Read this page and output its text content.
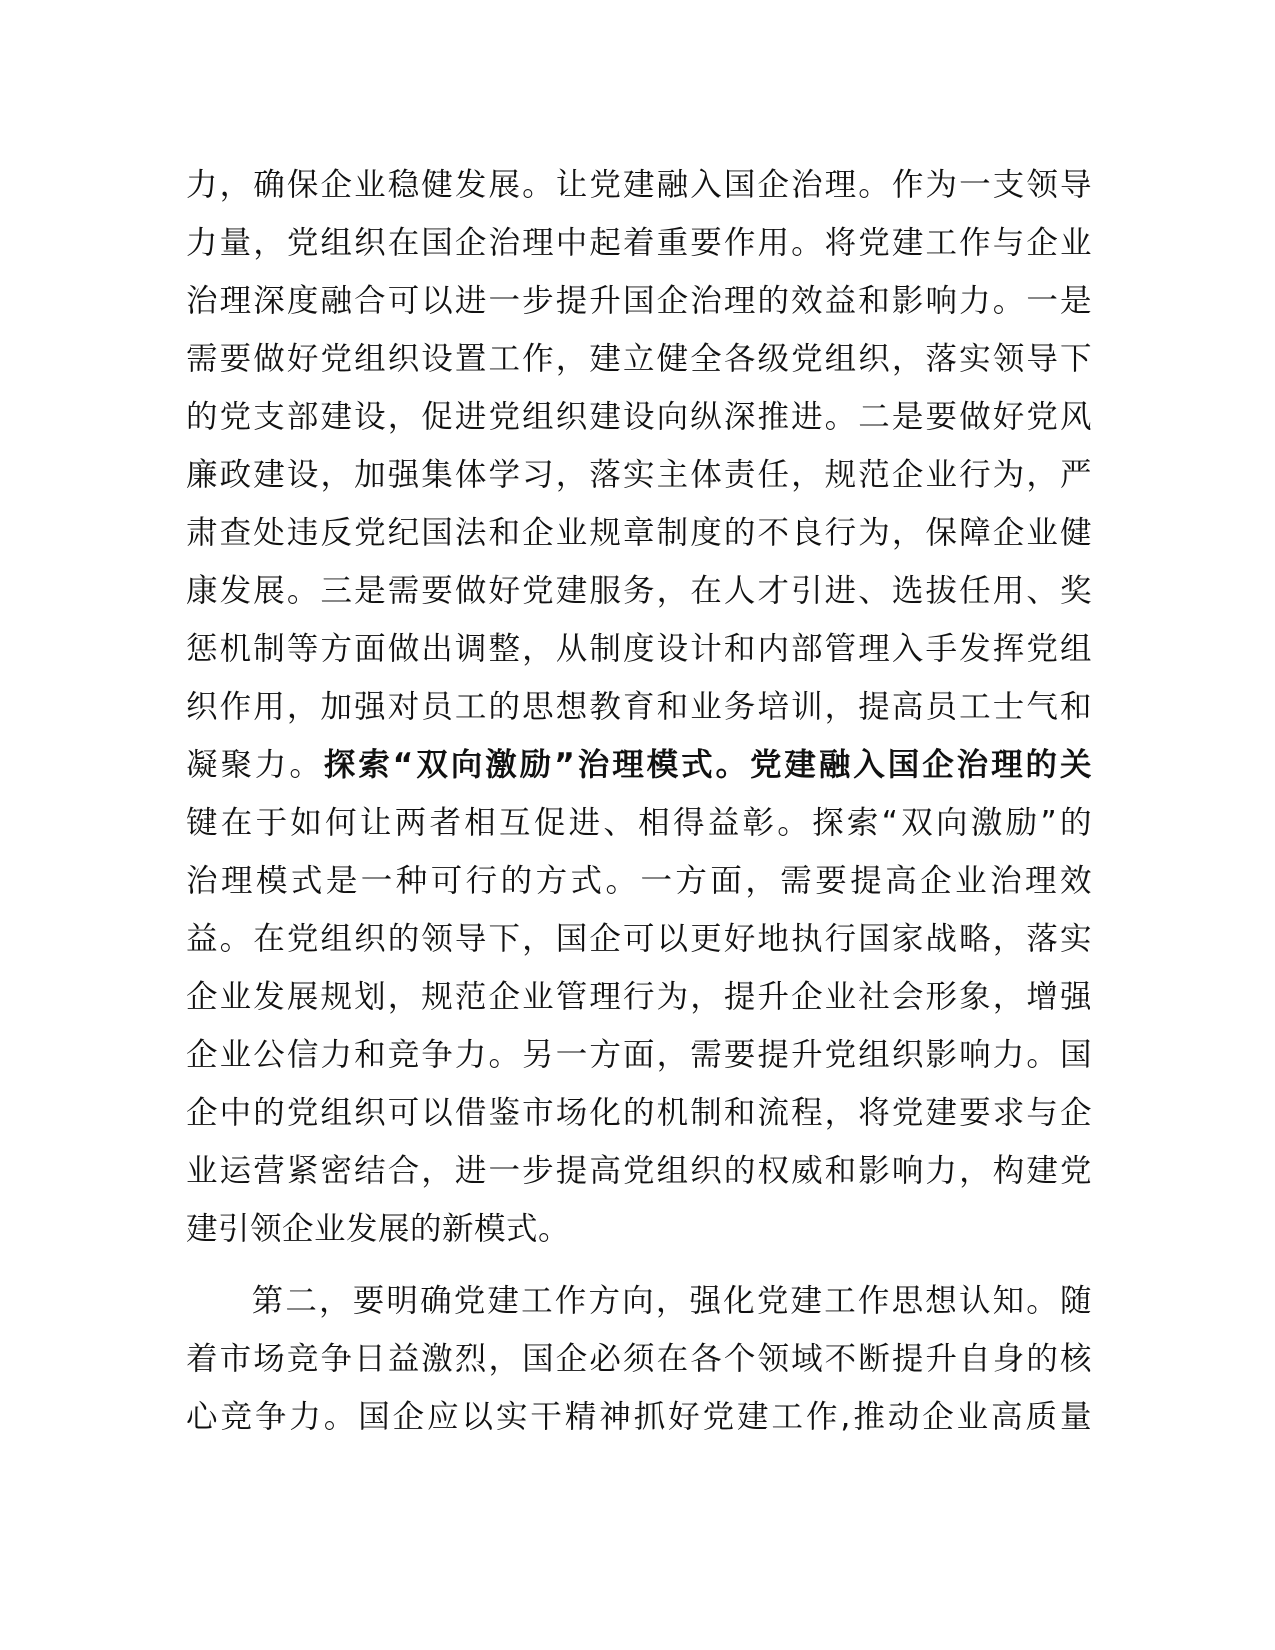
力，确保企业稳健发展。让党建融入国企治理。作为一支领导
力量，党组织在国企治理中起着重要作用。将党建工作与企业
治理深度融合可以进一步提升国企治理的效益和影响力。一是
需要做好党组织设置工作，建立健全各级党组织，落实领导下
的党支部建设，促进党组织建设向纵深推进。二是要做好党风
廉政建设，加强集体学习，落实主体责任，规范企业行为，严
肃查处违反党纪国法和企业规章制度的不良行为，保障企业健
康发展。三是需要做好党建服务，在人才引进、选拔任用、奖
惩机制等方面做出调整，从制度设计和内部管理入手发挥党组
织作用，加强对员工的思想教育和业务培训，提高员工士气和
凝聚力。探索“双向激励”治理模式。党建融入国企治理的关
键在于如何让两者相互促进、相得益彰。探索“双向激励”的
治理模式是一种可行的方式。一方面，需要提高企业治理效
益。在党组织的领导下，国企可以更好地执行国家战略，落实
企业发展规划，规范企业管理行为，提升企业社会形象，增强
企业公信力和竞争力。另一方面，需要提升党组织影响力。国
企中的党组织可以借鉴市场化的机制和流程，将党建要求与企
业运营紧密结合，进一步提高党组织的权威和影响力，构建党
建引领企业发展的新模式。
第二，要明确党建工作方向，强化党建工作思想认知。随
着市场竞争日益激烈，国企必须在各个领域不断提升自身的核
心竞争力。国企应以实干精神抓好党建工作,推动企业高质量
